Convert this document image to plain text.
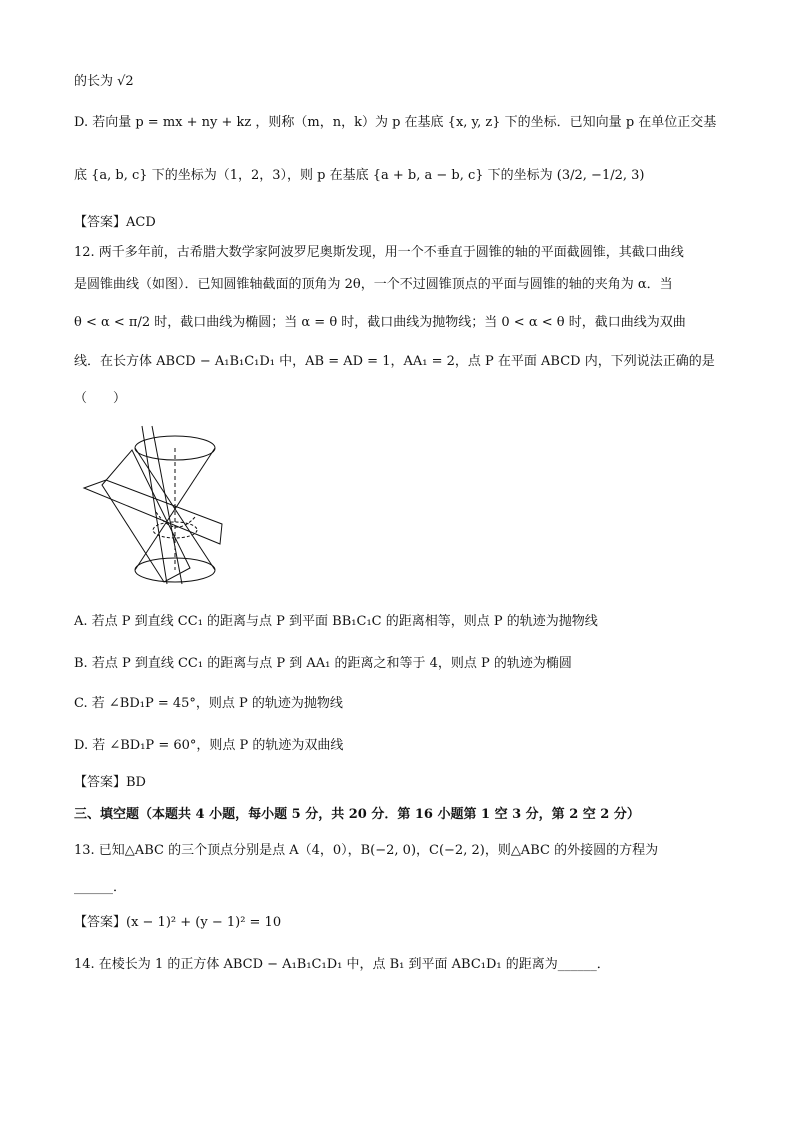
的长为 √2
D. 若向量 p = mx + ny + kz ，则称（m，n，k）为 p 在基底 {x, y, z} 下的坐标．已知向量 p 在单位正交基
底 {a, b, c} 下的坐标为（1，2，3），则 p 在基底 {a + b, a − b, c} 下的坐标为 (3/2, −1/2, 3)
【答案】ACD
12. 两千多年前，古希腊大数学家阿波罗尼奥斯发现，用一个不垂直于圆锥的轴的平面截圆锥，其截口曲线
是圆锥曲线（如图）．已知圆锥轴截面的顶角为 2θ，一个不过圆锥顶点的平面与圆锥的轴的夹角为 α．当
θ < α < π/2 时，截口曲线为椭圆；当 α = θ 时，截口曲线为抛物线；当 0 < α < θ 时，截口曲线为双曲
线．在长方体 ABCD − A₁B₁C₁D₁ 中，AB = AD = 1，AA₁ = 2，点 P 在平面 ABCD 内，下列说法正确的是
（　　）
A. 若点 P 到直线 CC₁ 的距离与点 P 到平面 BB₁C₁C 的距离相等，则点 P 的轨迹为抛物线
B. 若点 P 到直线 CC₁ 的距离与点 P 到 AA₁ 的距离之和等于 4，则点 P 的轨迹为椭圆
C. 若 ∠BD₁P = 45°，则点 P 的轨迹为抛物线
D. 若 ∠BD₁P = 60°，则点 P 的轨迹为双曲线
【答案】BD
三、填空题（本题共 4 小题，每小题 5 分，共 20 分．第 16 小题第 1 空 3 分，第 2 空 2 分）
13. 已知△ABC 的三个顶点分别是点 A（4，0），B(−2, 0)，C(−2, 2)，则△ABC 的外接圆的方程为
______．
【答案】(x − 1)² + (y − 1)² = 10
14. 在棱长为 1 的正方体 ABCD − A₁B₁C₁D₁ 中，点 B₁ 到平面 ABC₁D₁ 的距离为______．
